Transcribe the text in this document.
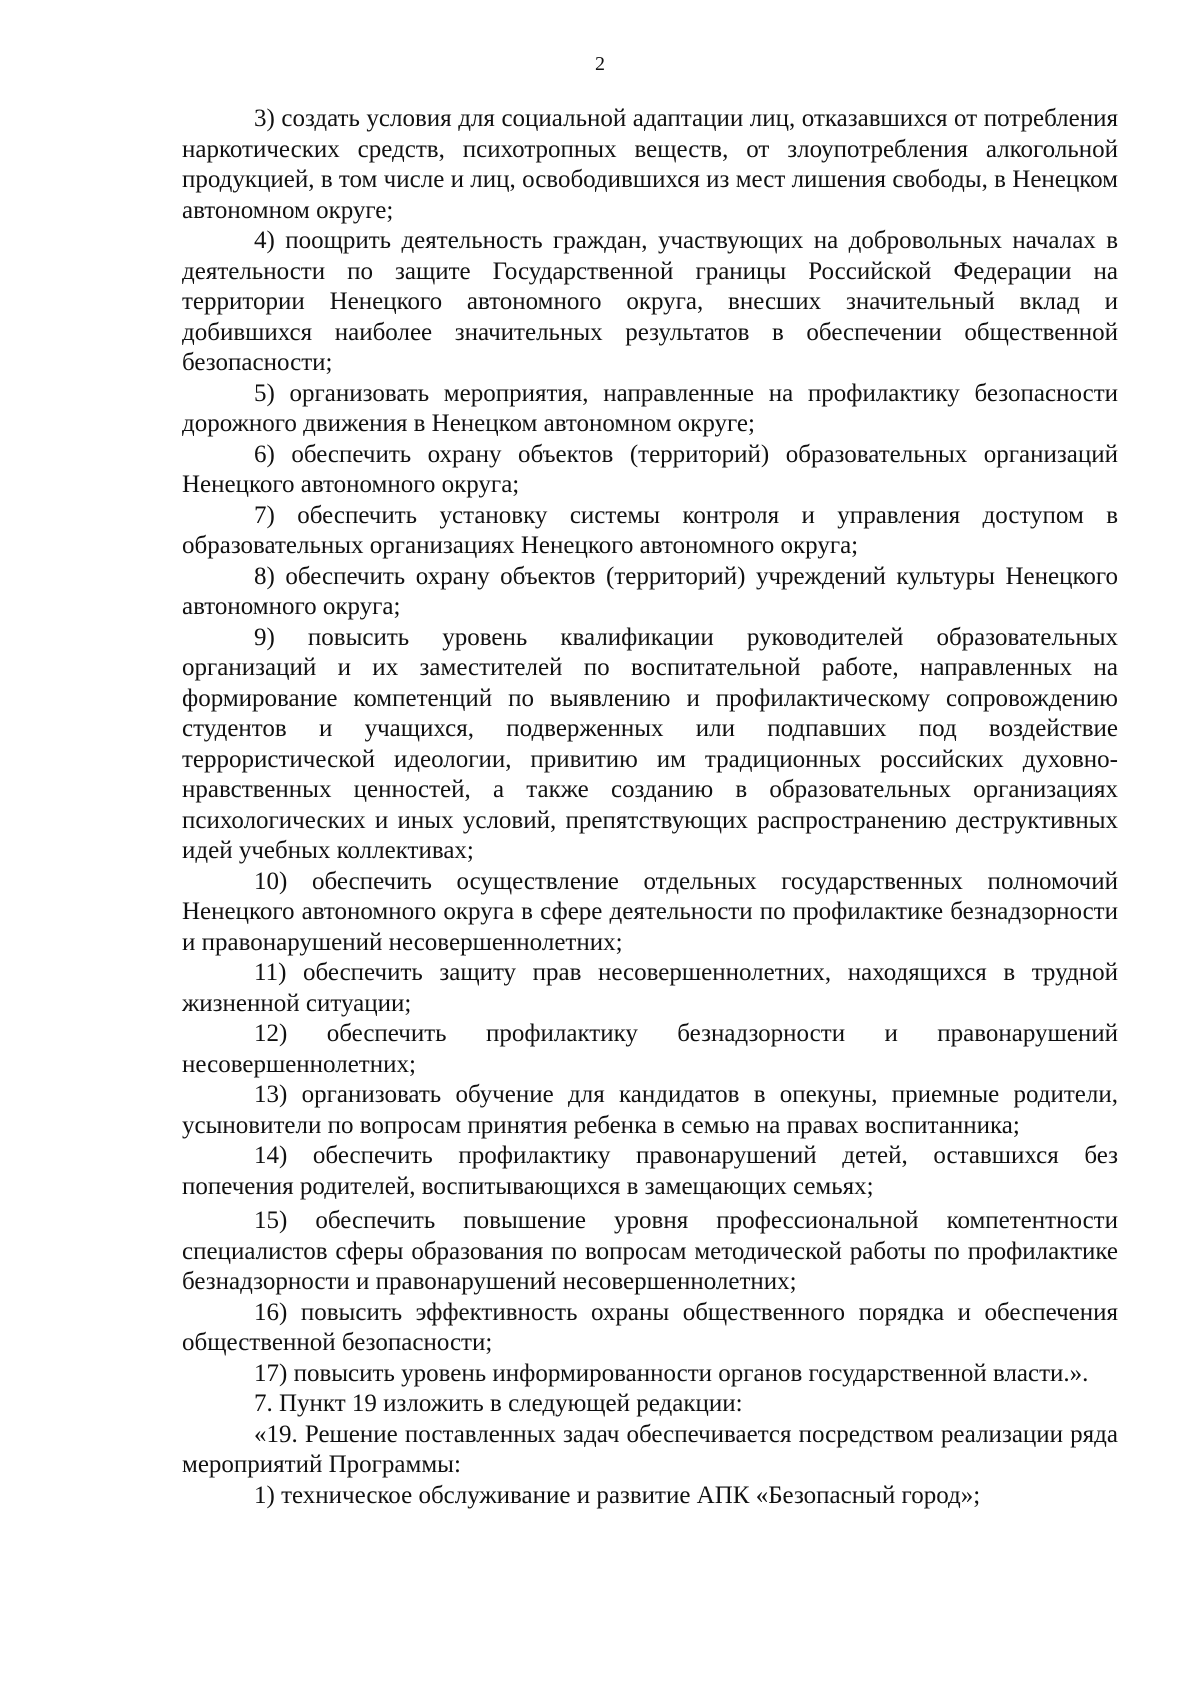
2

3) создать условия для социальной адаптации лиц, отказавшихся от потребления наркотических средств, психотропных веществ, от злоупотребления алкогольной продукцией, в том числе и лиц, освободившихся из мест лишения свободы, в Ненецком автономном округе;

4) поощрить деятельность граждан, участвующих на добровольных началах в деятельности по защите Государственной границы Российской Федерации на территории Ненецкого автономного округа, внесших значительный вклад и добившихся наиболее значительных результатов в обеспечении общественной безопасности;

5) организовать мероприятия, направленные на профилактику безопасности дорожного движения в Ненецком автономном округе;

6) обеспечить охрану объектов (территорий) образовательных организаций Ненецкого автономного округа;

7) обеспечить установку системы контроля и управления доступом в образовательных организациях Ненецкого автономного округа;

8) обеспечить охрану объектов (территорий) учреждений культуры Ненецкого автономного округа;

9) повысить уровень квалификации руководителей образовательных организаций и их заместителей по воспитательной работе, направленных на формирование компетенций по выявлению и профилактическому сопровождению студентов и учащихся, подверженных или подпавших под воздействие террористической идеологии, привитию им традиционных российских духовно-нравственных ценностей, а также созданию в образовательных организациях психологических и иных условий, препятствующих распространению деструктивных идей учебных коллективах;

10) обеспечить осуществление отдельных государственных полномочий Ненецкого автономного округа в сфере деятельности по профилактике безнадзорности и правонарушений несовершеннолетних;

11) обеспечить защиту прав несовершеннолетних, находящихся в трудной жизненной ситуации;

12) обеспечить профилактику безнадзорности и правонарушений несовершеннолетних;

13) организовать обучение для кандидатов в опекуны, приемные родители, усыновители по вопросам принятия ребенка в семью на правах воспитанника;

14) обеспечить профилактику правонарушений детей, оставшихся без попечения родителей, воспитывающихся в замещающих семьях;

15) обеспечить повышение уровня профессиональной компетентности специалистов сферы образования по вопросам методической работы по профилактике безнадзорности и правонарушений несовершеннолетних;

16) повысить эффективность охраны общественного порядка и обеспечения общественной безопасности;

17) повысить уровень информированности органов государственной власти.».

7. Пункт 19 изложить в следующей редакции:

«19. Решение поставленных задач обеспечивается посредством реализации ряда мероприятий Программы:

1) техническое обслуживание и развитие АПК «Безопасный город»;
